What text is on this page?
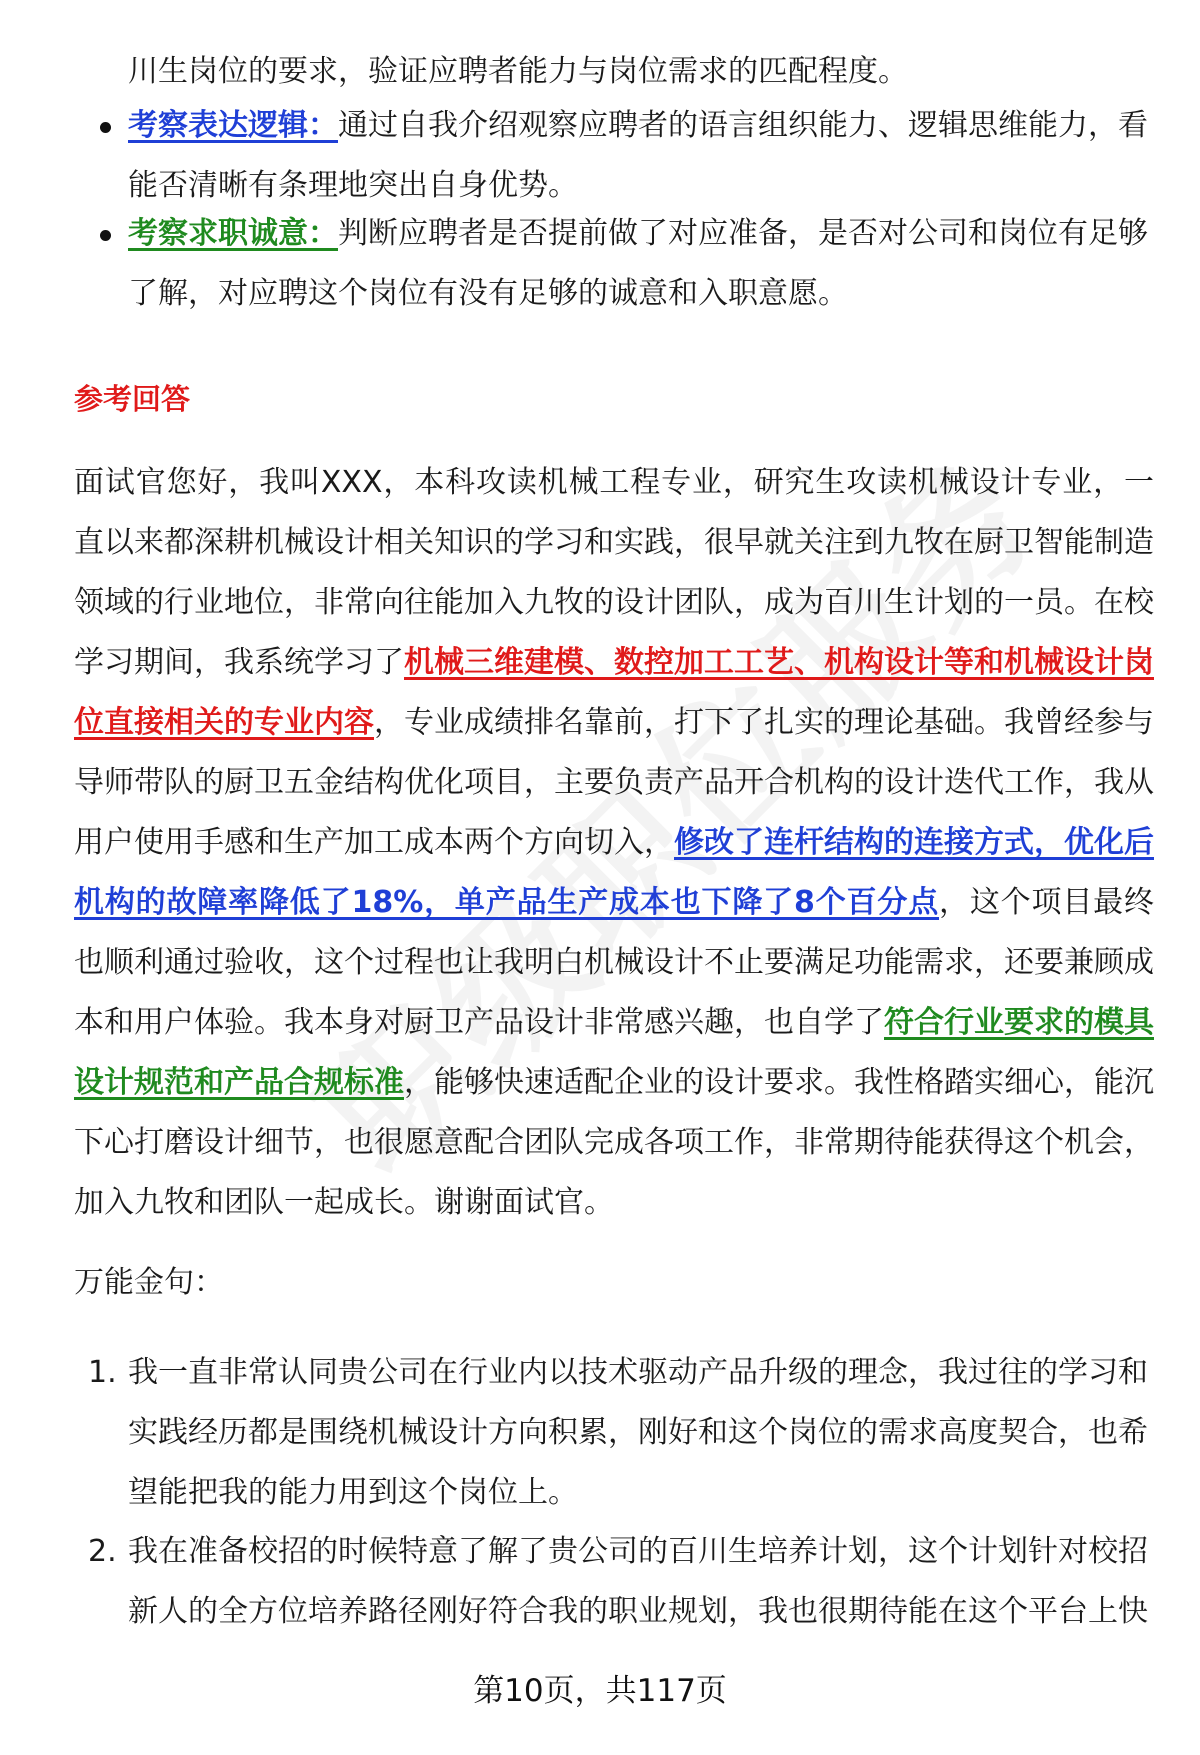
川生岗位的要求，验证应聘者能力与岗位需求的匹配程度。
考察表达逻辑：通过自我介绍观察应聘者的语言组织能力、逻辑思维能力，看能否清晰有条理地突出自身优势。
考察求职诚意：判断应聘者是否提前做了对应准备，是否对公司和岗位有足够了解，对应聘这个岗位有没有足够的诚意和入职意愿。
参考回答
面试官您好，我叫XXX，本科攻读机械工程专业，研究生攻读机械设计专业，一直以来都深耕机械设计相关知识的学习和实践，很早就关注到九牧在厨卫智能制造领域的行业地位，非常向往能加入九牧的设计团队，成为百川生计划的一员。在校学习期间，我系统学习了机械三维建模、数控加工工艺、机构设计等和机械设计岗位直接相关的专业内容，专业成绩排名靠前，打下了扎实的理论基础。我曾经参与导师带队的厨卫五金结构优化项目，主要负责产品开合机构的设计迭代工作，我从用户使用手感和生产加工成本两个方向切入，修改了连杆结构的连接方式，优化后机构的故障率降低了18%，单产品生产成本也下降了8个百分点，这个项目最终也顺利通过验收，这个过程也让我明白机械设计不止要满足功能需求，还要兼顾成本和用户体验。我本身对厨卫产品设计非常感兴趣，也自学了符合行业要求的模具设计规范和产品合规标准，能够快速适配企业的设计要求。我性格踏实细心，能沉下心打磨设计细节，也很愿意配合团队完成各项工作，非常期待能获得这个机会，加入九牧和团队一起成长。谢谢面试官。
万能金句：
1. 我一直非常认同贵公司在行业内以技术驱动产品升级的理念，我过往的学习和实践经历都是围绕机械设计方向积累，刚好和这个岗位的需求高度契合，也希望能把我的能力用到这个岗位上。
2. 我在准备校招的时候特意了解了贵公司的百川生培养计划，这个计划针对校招新人的全方位培养路径刚好符合我的职业规划，我也很期待能在这个平台上快
第10页，共117页
